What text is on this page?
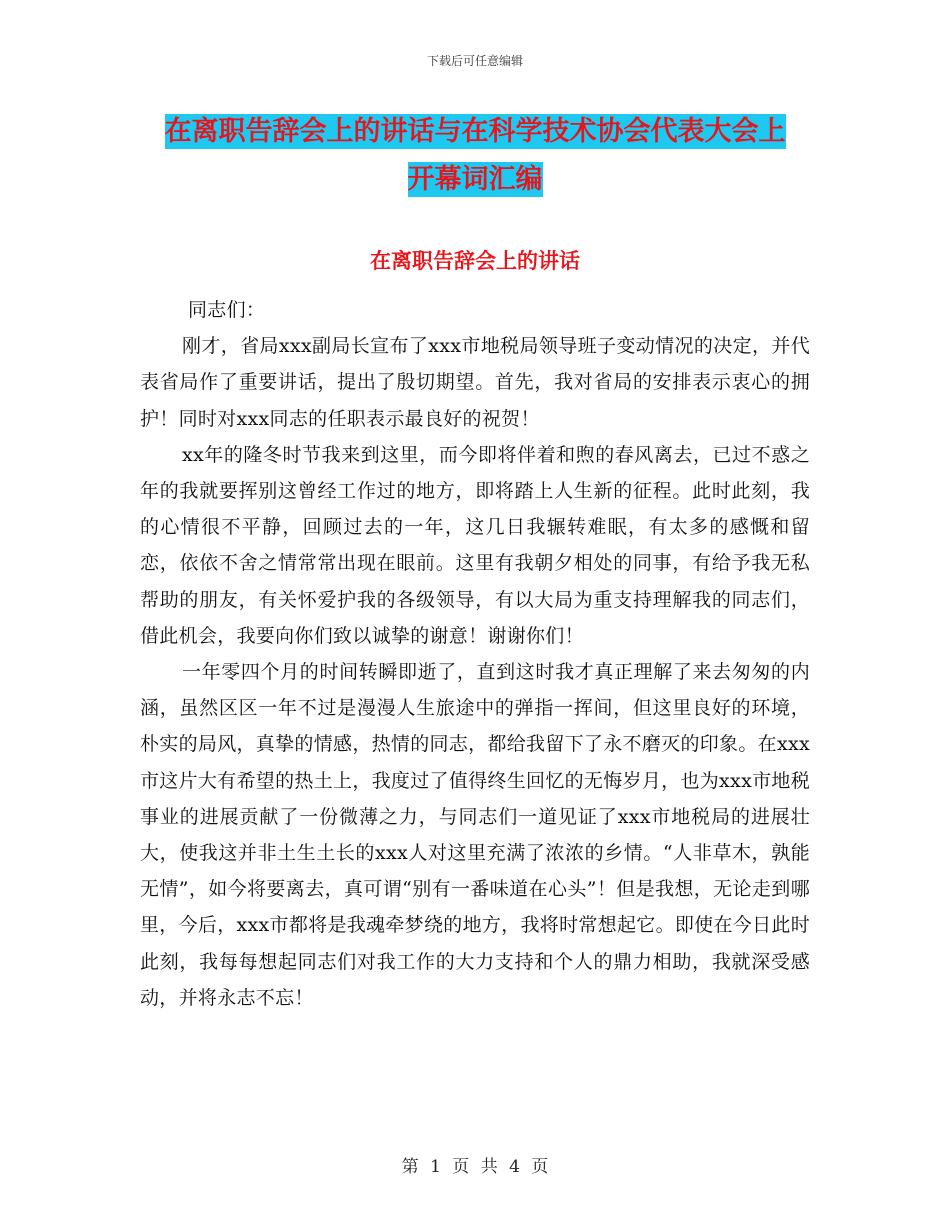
下载后可任意编辑
在离职告辞会上的讲话与在科学技术协会代表大会上
开幕词汇编
在离职告辞会上的讲话

同志们：

刚才，省局xxx副局长宣布了xxx市地税局领导班子变动情况的决定，并代表省局作了重要讲话，提出了殷切期望。首先，我对省局的安排表示衷心的拥护！同时对xxx同志的任职表示最良好的祝贺！

xx年的隆冬时节我来到这里，而今即将伴着和煦的春风离去，已过不惑之年的我就要挥别这曾经工作过的地方，即将踏上人生新的征程。此时此刻，我的心情很不平静，回顾过去的一年，这几日我辗转难眠，有太多的感慨和留恋，依依不舍之情常常出现在眼前。这里有我朝夕相处的同事，有给予我无私帮助的朋友，有关怀爱护我的各级领导，有以大局为重支持理解我的同志们，借此机会，我要向你们致以诚挚的谢意！谢谢你们！

一年零四个月的时间转瞬即逝了，直到这时我才真正理解了来去匆匆的内涵，虽然区区一年不过是漫漫人生旅途中的弹指一挥间，但这里良好的环境，朴实的局风，真挚的情感，热情的同志，都给我留下了永不磨灭的印象。在xxx市这片大有希望的热土上，我度过了值得终生回忆的无悔岁月，也为xxx市地税事业的进展贡献了一份微薄之力，与同志们一道见证了xxx市地税局的进展壮大，使我这并非土生土长的xxx人对这里充满了浓浓的乡情。“人非草木，孰能无情”，如今将要离去，真可谓“别有一番味道在心头”！但是我想，无论走到哪里，今后，xxx市都将是我魂牵梦绕的地方，我将时常想起它。即使在今日此时此刻，我每每想起同志们对我工作的大力支持和个人的鼎力相助，我就深受感动，并将永志不忘！

第 1 页 共 4 页
